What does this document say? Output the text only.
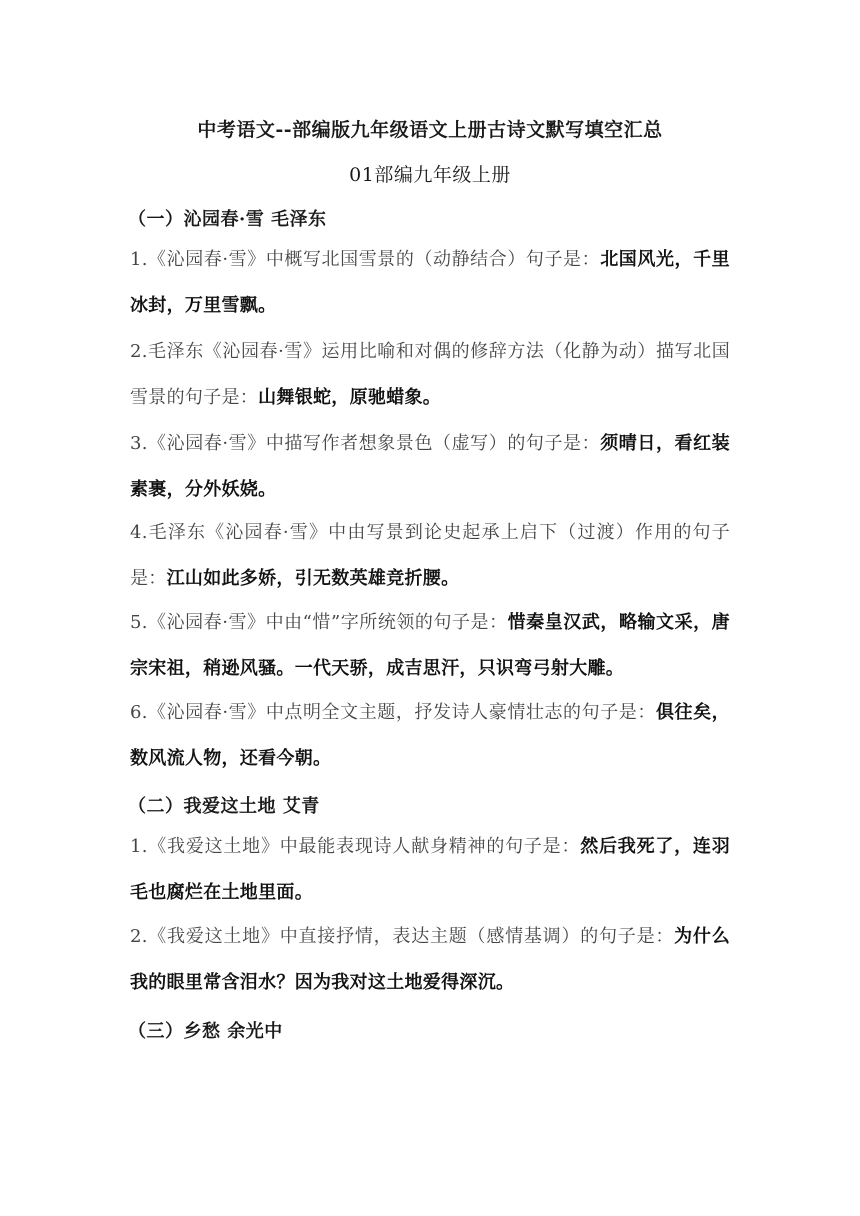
中考语文--部编版九年级语文上册古诗文默写填空汇总
01部编九年级上册
（一）沁园春·雪 毛泽东
1.《沁园春·雪》中概写北国雪景的（动静结合）句子是：北国风光，千里冰封，万里雪飘。
2.毛泽东《沁园春·雪》运用比喻和对偶的修辞方法（化静为动）描写北国雪景的句子是：山舞银蛇，原驰蜡象。
3.《沁园春·雪》中描写作者想象景色（虚写）的句子是：须晴日，看红装素裹，分外妖娆。
4.毛泽东《沁园春·雪》中由写景到论史起承上启下（过渡）作用的句子是：江山如此多娇，引无数英雄竞折腰。
5.《沁园春·雪》中由“惜”字所统领的句子是：惜秦皇汉武，略输文采，唐宗宋祖，稍逊风骚。一代天骄，成吉思汗，只识弯弓射大雕。
6.《沁园春·雪》中点明全文主题，抒发诗人豪情壮志的句子是：俱往矣，数风流人物，还看今朝。
（二）我爱这土地 艾青
1.《我爱这土地》中最能表现诗人献身精神的句子是：然后我死了，连羽毛也腐烂在土地里面。
2.《我爱这土地》中直接抒情，表达主题（感情基调）的句子是：为什么我的眼里常含泪水？因为我对这土地爱得深沉。
（三）乡愁 余光中
